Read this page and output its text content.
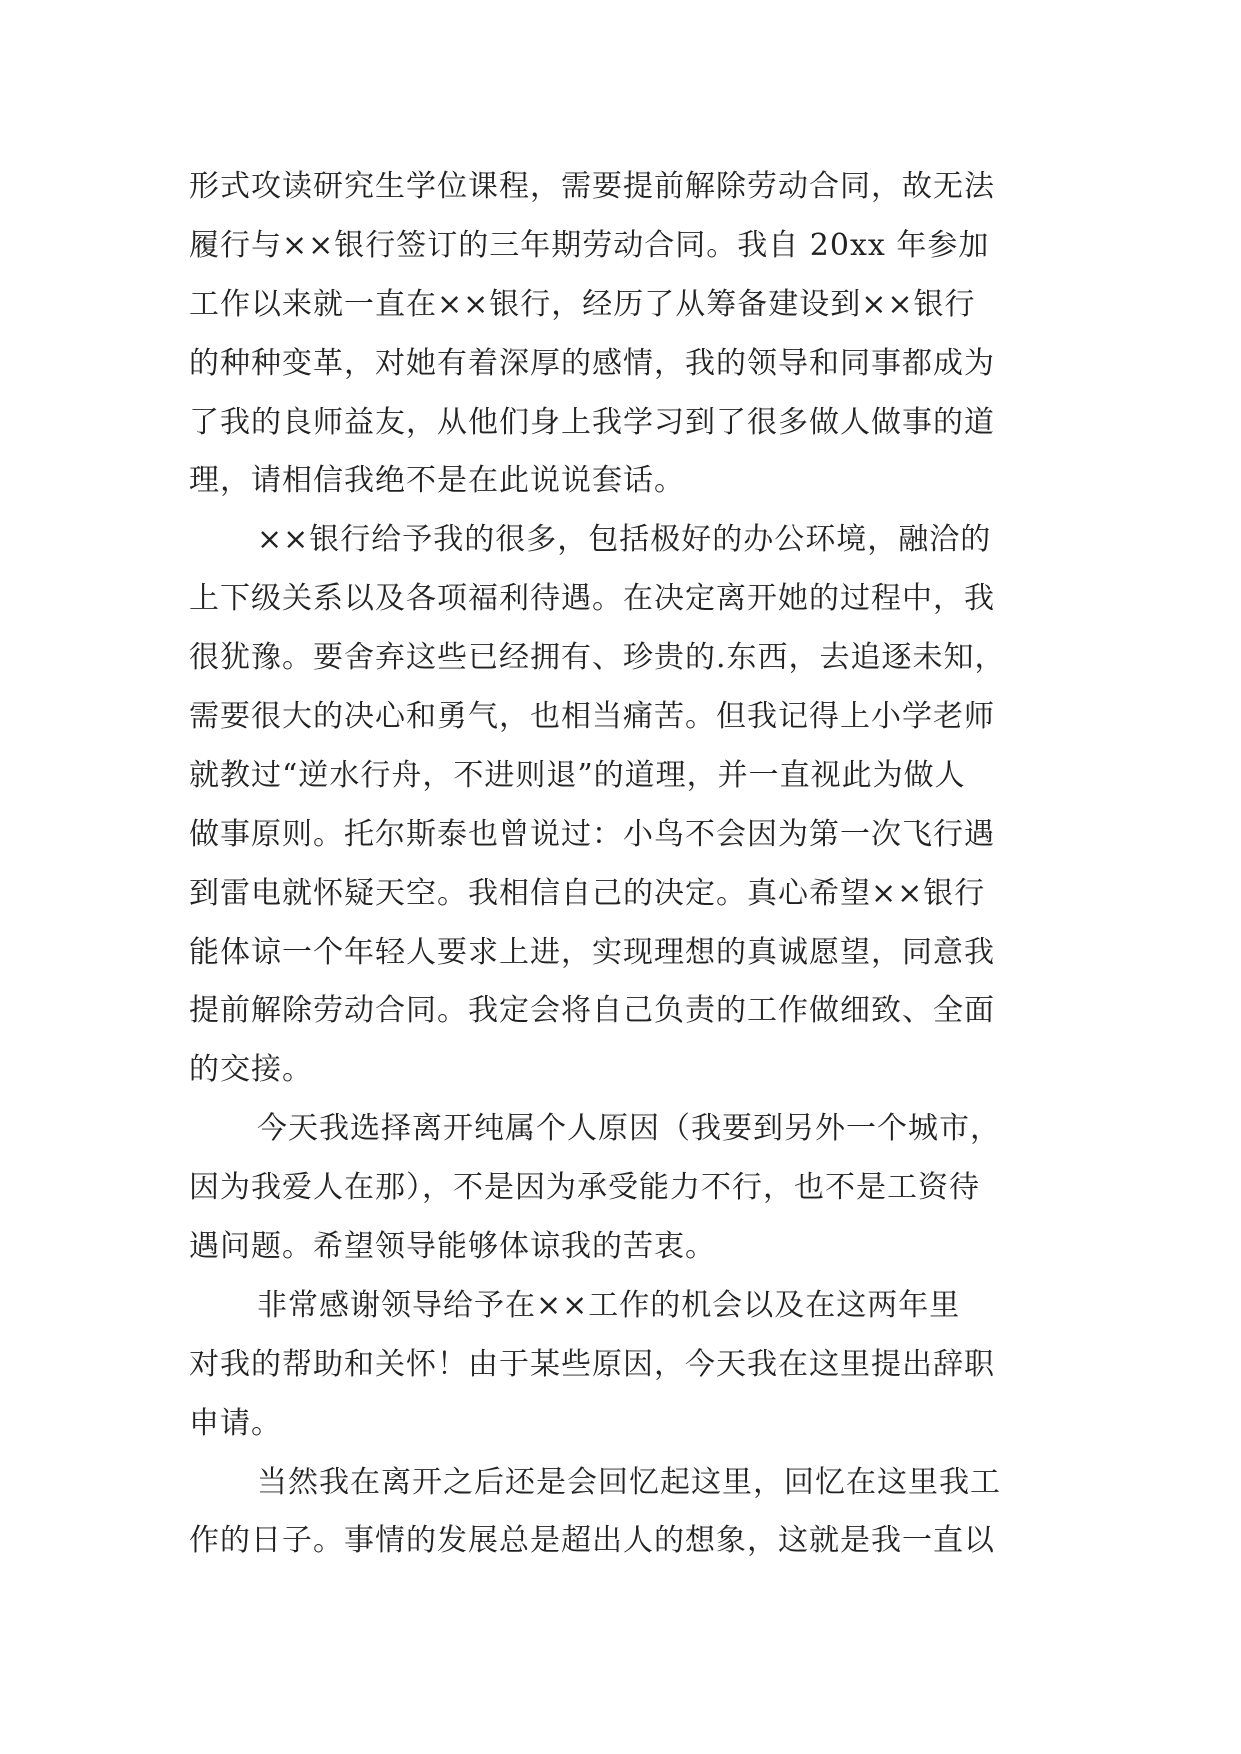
形式攻读研究生学位课程，需要提前解除劳动合同，故无法
履行与××银行签订的三年期劳动合同。我自 20xx 年参加
工作以来就一直在××银行，经历了从筹备建设到××银行
的种种变革，对她有着深厚的感情，我的领导和同事都成为
了我的良师益友，从他们身上我学习到了很多做人做事的道
理，请相信我绝不是在此说说套话。
××银行给予我的很多，包括极好的办公环境，融洽的
上下级关系以及各项福利待遇。在决定离开她的过程中，我
很犹豫。要舍弃这些已经拥有、珍贵的.东西，去追逐未知，
需要很大的决心和勇气，也相当痛苦。但我记得上小学老师
就教过“逆水行舟，不进则退”的道理，并一直视此为做人
做事原则。托尔斯泰也曾说过：小鸟不会因为第一次飞行遇
到雷电就怀疑天空。我相信自己的决定。真心希望××银行
能体谅一个年轻人要求上进，实现理想的真诚愿望，同意我
提前解除劳动合同。我定会将自己负责的工作做细致、全面
的交接。
今天我选择离开纯属个人原因（我要到另外一个城市，
因为我爱人在那），不是因为承受能力不行，也不是工资待
遇问题。希望领导能够体谅我的苦衷。
非常感谢领导给予在××工作的机会以及在这两年里
对我的帮助和关怀！由于某些原因，今天我在这里提出辞职
申请。
当然我在离开之后还是会回忆起这里，回忆在这里我工
作的日子。事情的发展总是超出人的想象，这就是我一直以
